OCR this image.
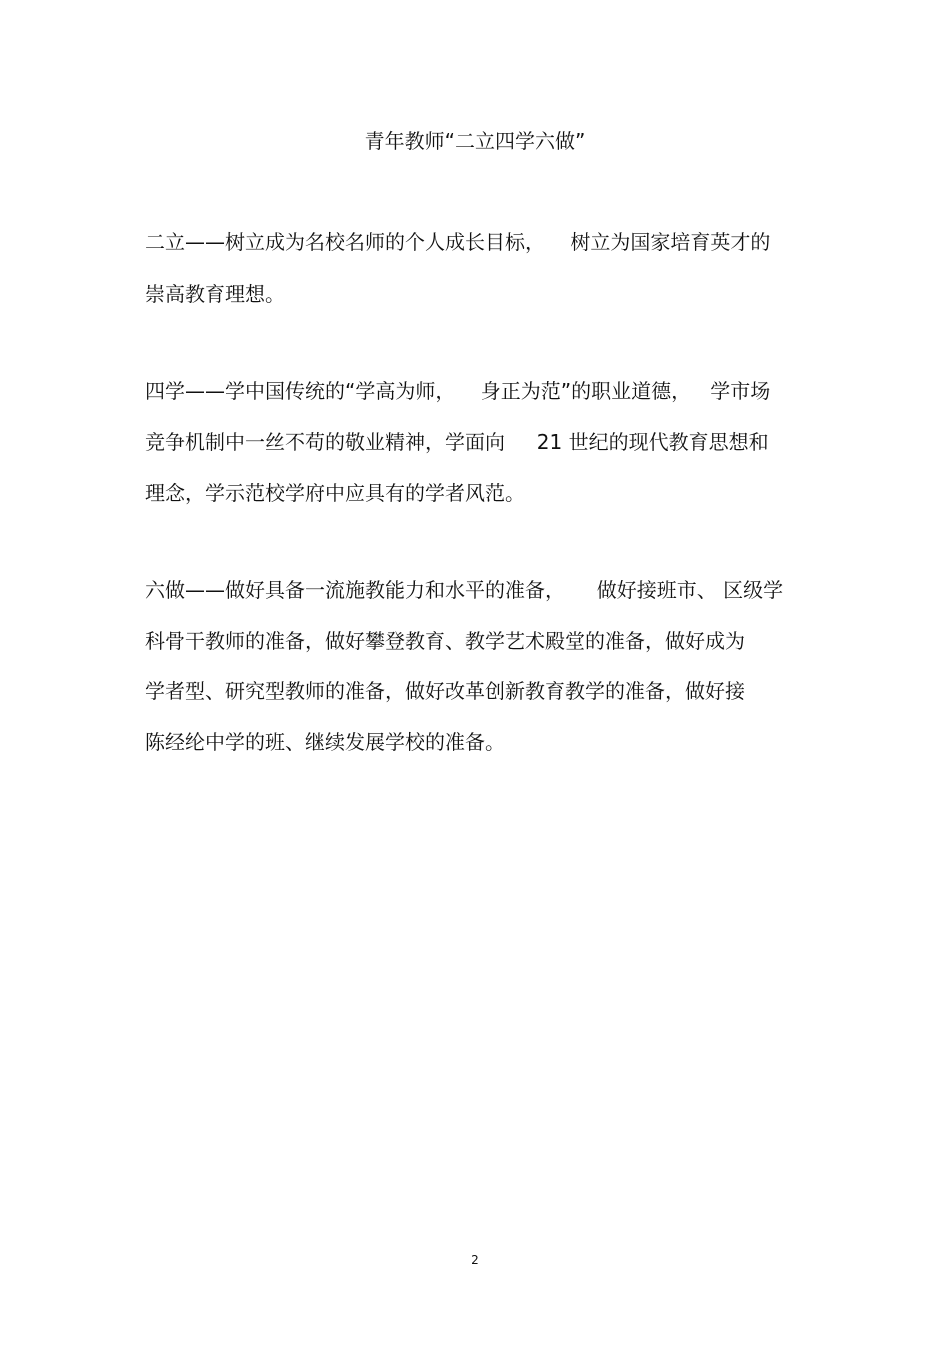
青年教师“二立四学六做”
二立——树立成为名校名师的个人成长目标，    树立为国家培育英才的
崇高教育理想。
四学——学中国传统的“学高为师，    身正为范”的职业道德，   学市场
竞争机制中一丝不苟的敬业精神，学面向     21 世纪的现代教育思想和
理念，学示范校学府中应具有的学者风范。
六做——做好具备一流施教能力和水平的准备，     做好接班市、 区级学
科骨干教师的准备，做好攀登教育、教学艺术殿堂的准备，做好成为
学者型、研究型教师的准备，做好改革创新教育教学的准备，做好接
陈经纶中学的班、继续发展学校的准备。
2
